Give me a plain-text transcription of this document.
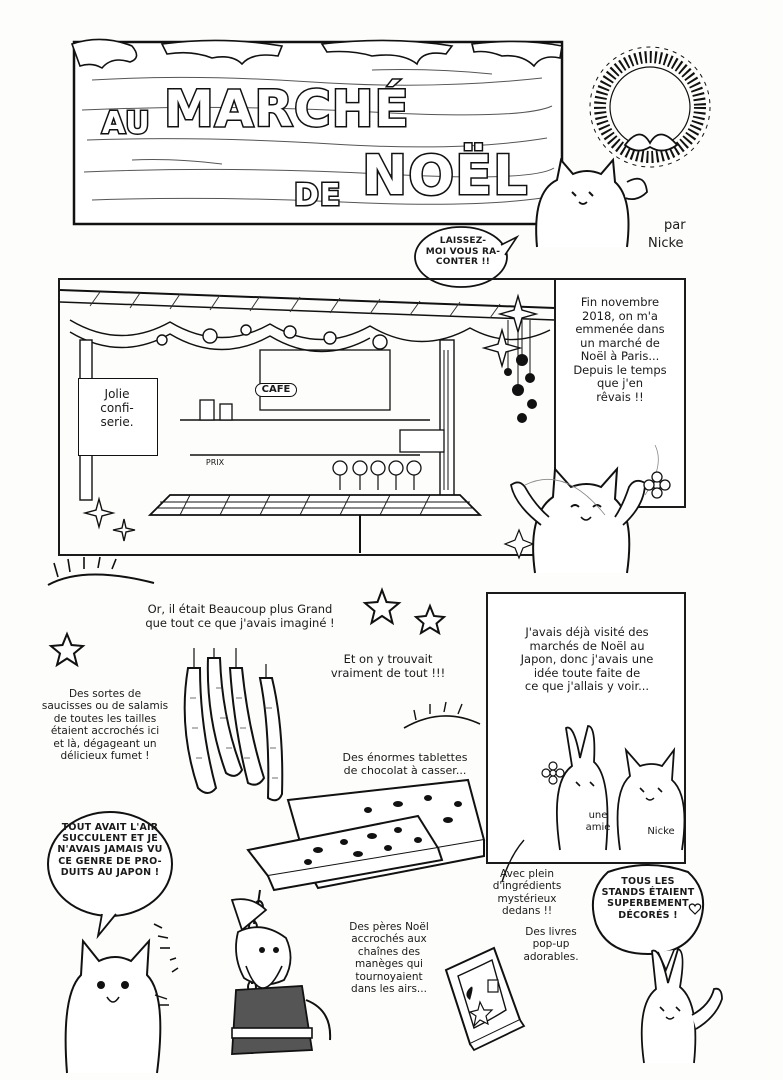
AU MARCHÉ
DE NOËL
par
Nicke
LAISSEZ-
MOI VOUS RA-
CONTER !!
CAFE
PRIX
Jolie
confi-
serie.
Fin novembre
2018, on m'a
emmenée dans
un marché de
Noël à Paris...
Depuis le temps
que j'en
rêvais !!
Or, il était Beaucoup plus Grand
que tout ce que j'avais imaginé !
Et on y trouvait
vraiment de tout !!!
Des sortes de
saucisses ou de salamis
de toutes les tailles
étaient accrochés ici
et là, dégageant un
délicieux fumet !
J'avais déjà visité des
marchés de Noël au
Japon, donc j'avais une
idée toute faite de
ce que j'allais y voir...
une
amie	Nicke
Des énormes tablettes
de chocolat à casser...
TOUT AVAIT L'AIR
SUCCULENT ET JE
N'AVAIS JAMAIS VU
CE GENRE DE PRO-
DUITS AU JAPON !
Des pères Noël
accrochés aux
chaînes des
manèges qui
tournoyaient
dans les airs...
Avec plein
d'ingrédients
mystérieux
dedans !!
Des livres
pop-up
adorables.
TOUS LES
STANDS ÉTAIENT
SUPERBEMENT
DÉCORÉS !
